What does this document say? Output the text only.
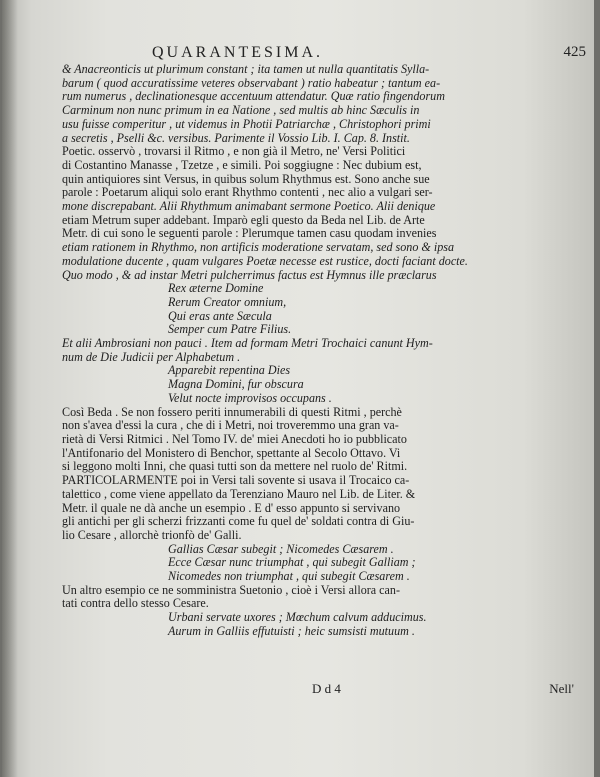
QUARANTESIMA.	425

& Anacreonticis ut plurimum constant ; ita tamen ut nulla quantitatis Sylla-

barum ( quod accuratissime veteres observabant ) ratio habeatur ; tantum ea-

rum numerus , declinationesque accentuum attendatur. Quæ ratio fingendorum

Carminum non nunc primum in ea Natione , sed multis ab hinc Sæculis in

usu fuisse comperitur , ut videmus in Photii Patriarchæ , Christophori primi

a secretis , Pselli &c. versibus. Parimente il Vossio Lib. I. Cap. 8. Instit.

Poetic. osservò , trovarsi il Ritmo , e non già il Metro, ne' Versi Politici

di Costantino Manasse , Tzetze , e simili. Poi soggiugne : Nec dubium est,

quin antiquiores sint Versus, in quibus solum Rhythmus est. Sono anche sue

parole : Poetarum aliqui solo erant Rhythmo contenti , nec alio a vulgari ser-

mone discrepabant. Alii Rhythmum animabant sermone Poetico. Alii denique

etiam Metrum super addebant. Imparò egli questo da Beda nel Lib. de Arte

Metr. di cui sono le seguenti parole : Plerumque tamen casu quodam invenies

etiam rationem in Rhythmo, non artificis moderatione servatam, sed sono & ipsa

modulatione ducente , quam vulgares Poetæ necesse est rustice, docti faciant docte.

Quo modo , & ad instar Metri pulcherrimus factus est Hymnus ille præclarus

Rex æterne Domine

Rerum Creator omnium,

Qui eras ante Sæcula

Semper cum Patre Filius.

Et alii Ambrosiani non pauci . Item ad formam Metri Trochaici canunt Hym-

num de Die Judicii per Alphabetum .

Apparebit repentina Dies

Magna Domini, fur obscura

Velut nocte improvisos occupans .

Così Beda . Se non fossero periti innumerabili di questi Ritmi , perchè

non s'avea d'essi la cura , che di i Metri, noi troveremmo una gran va-

rietà di Versi Ritmici . Nel Tomo IV. de' miei Anecdoti ho io pubblicato

l'Antifonario del Monistero di Benchor, spettante al Secolo Ottavo. Vi

si leggono molti Inni, che quasi tutti son da mettere nel ruolo de' Ritmi.

PARTICOLARMENTE poi in Versi tali sovente si usava il Trocaico ca-

talettico , come viene appellato da Terenziano Mauro nel Lib. de Liter. &

Metr. il quale ne dà anche un esempio . E d' esso appunto si servivano

gli antichi per gli scherzi frizzanti come fu quel de' soldati contra di Giu-

lio Cesare , allorchè trionfò de' Galli.

Gallias Cæsar subegit ; Nicomedes Cæsarem .

Ecce Cæsar nunc triumphat , qui subegit Galliam ;

Nicomedes non triumphat , qui subegit Cæsarem .

Un altro esempio ce ne somministra Suetonio , cioè i Versi allora can-

tati contra dello stesso Cesare.

Urbani servate uxores ; Mœchum calvum adducimus.

Aurum in Galliis effutuisti ; heic sumsisti mutuum .

D d 4	Nell'
